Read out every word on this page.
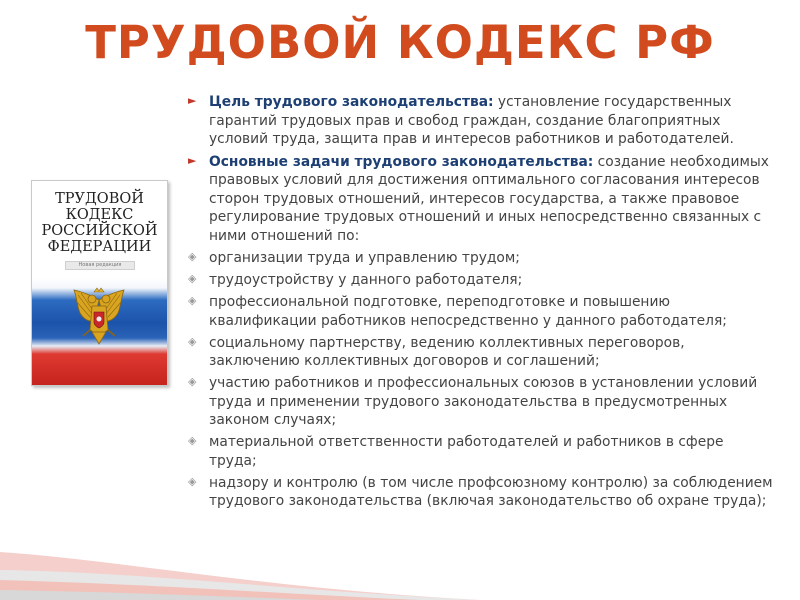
ТРУДОВОЙ КОДЕКС РФ
ТРУДОВОЙ
КОДЕКС
РОССИЙСКОЙ
ФЕДЕРАЦИИ
Новая редакция
► Цель трудового законодательства: установление государственных гарантий трудовых прав и свобод граждан, создание благоприятных условий труда, защита прав и интересов работников и работодателей.
► Основные задачи трудового законодательства: создание необходимых правовых условий для достижения оптимального согласования интересов сторон трудовых отношений, интересов государства, а также правовое регулирование трудовых отношений и иных непосредственно связанных с ними отношений по:
◈ организации труда и управлению трудом;
◈ трудоустройству у данного работодателя;
◈ профессиональной подготовке, переподготовке и повышению квалификации работников непосредственно у данного работодателя;
◈ социальному партнерству, ведению коллективных переговоров, заключению коллективных договоров и соглашений;
◈ участию работников и профессиональных союзов в установлении условий труда и применении трудового законодательства в предусмотренных законом случаях;
◈ материальной ответственности работодателей и работников в сфере труда;
◈ надзору и контролю (в том числе профсоюзному контролю) за соблюдением трудового законодательства (включая законодательство об охране труда);
